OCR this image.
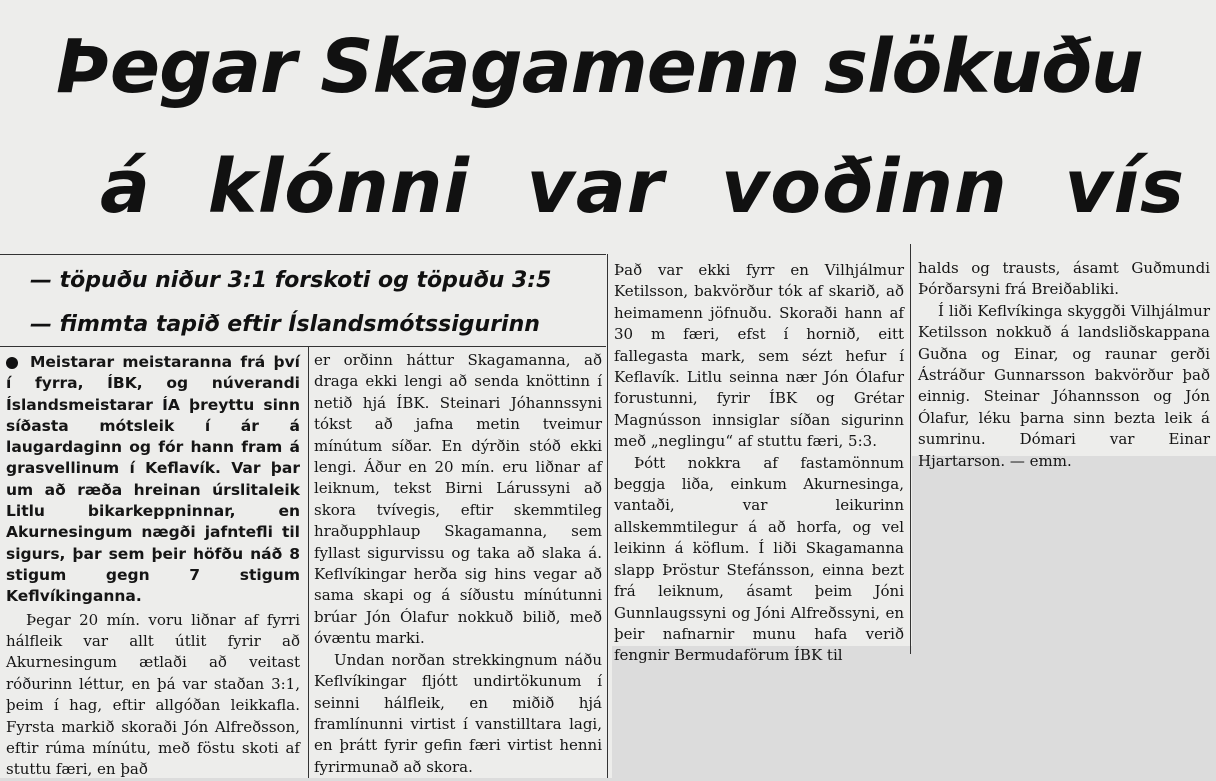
Þegar Skagamenn slökuðu
á klónni var voðinn vís
— töpuðu niður 3:1 forskoti og töpuðu 3:5
— fimmta tapið eftir Íslandsmótssigurinn

Meistarar meistaranna frá því í fyrra, ÍBK, og núverandi Íslandsmeistarar ÍA þreyttu sinn síðasta mótsleik í ár á laugardaginn og fór hann fram á grasvellinum í Keflavík. Var þar um að ræða hreinan úrslitaleik Litlu bikarkeppninnar, en Akurnesingum nægði jafntefli til sigurs, þar sem þeir höfðu náð 8 stigum gegn 7 stigum Keflvíkinganna.

Þegar 20 mín. voru liðnar af fyrri hálfleik var allt útlit fyrir að Akurnesingum ætlaði að veitast róðurinn léttur, en þá var staðan 3:1, þeim í hag, eftir allgóðan leikkafla. Fyrsta markið skoraði Jón Alfreðsson, eftir rúma mínútu, með föstu skoti af stuttu færi, en það

er orðinn háttur Skagamanna, að draga ekki lengi að senda knöttinn í netið hjá ÍBK. Steinari Jóhannssyni tókst að jafna metin tveimur mínútum síðar. En dýrðin stóð ekki lengi. Áður en 20 mín. eru liðnar af leiknum, tekst Birni Lárussyni að skora tvívegis, eftir skemmtileg hraðupphlaup Skagamanna, sem fyllast sigurvissu og taka að slaka á. Keflvíkingar herða sig hins vegar að sama skapi og á síðustu mínútunni brúar Jón Ólafur nokkuð bilið, með óvæntu marki.

Undan norðan strekkingnum náðu Keflvíkingar fljótt undirtökunum í seinni hálfleik, en miðið hjá framlínunni virtist í vanstilltara lagi, en þrátt fyrir gefin færi virtist henni fyrirmunað að skora.

Það var ekki fyrr en Vilhjálmur Ketilsson, bakvörður tók af skarið, að heimamenn jöfnuðu. Skoraði hann af 30 m færi, efst í hornið, eitt fallegasta mark, sem sézt hefur í Keflavík. Litlu seinna nær Jón Ólafur forustunni, fyrir ÍBK og Grétar Magnússon innsiglar síðan sigurinn með „neglingu“ af stuttu færi, 5:3.

Þótt nokkra af fastamönnum beggja liða, einkum Akurnesinga, vantaði, var leikurinn allskemmtilegur á að horfa, og vel leikinn á köflum. Í liði Skagamanna slapp Þröstur Stefánsson, einna bezt frá leiknum, ásamt þeim Jóni Gunnlaugssyni og Jóni Alfreðssyni, en þeir nafnarnir munu hafa verið fengnir Bermudaförum ÍBK til

halds og trausts, ásamt Guðmundi Þórðarsyni frá Breiðabliki.

Í liði Keflvíkinga skyggði Vilhjálmur Ketilsson nokkuð á landsliðskappana Guðna og Einar, og raunar gerði Ástráður Gunnarsson bakvörður það einnig. Steinar Jóhannsson og Jón Ólafur, léku þarna sinn bezta leik á sumrinu. Dómari var Einar Hjartarson. — emm.
